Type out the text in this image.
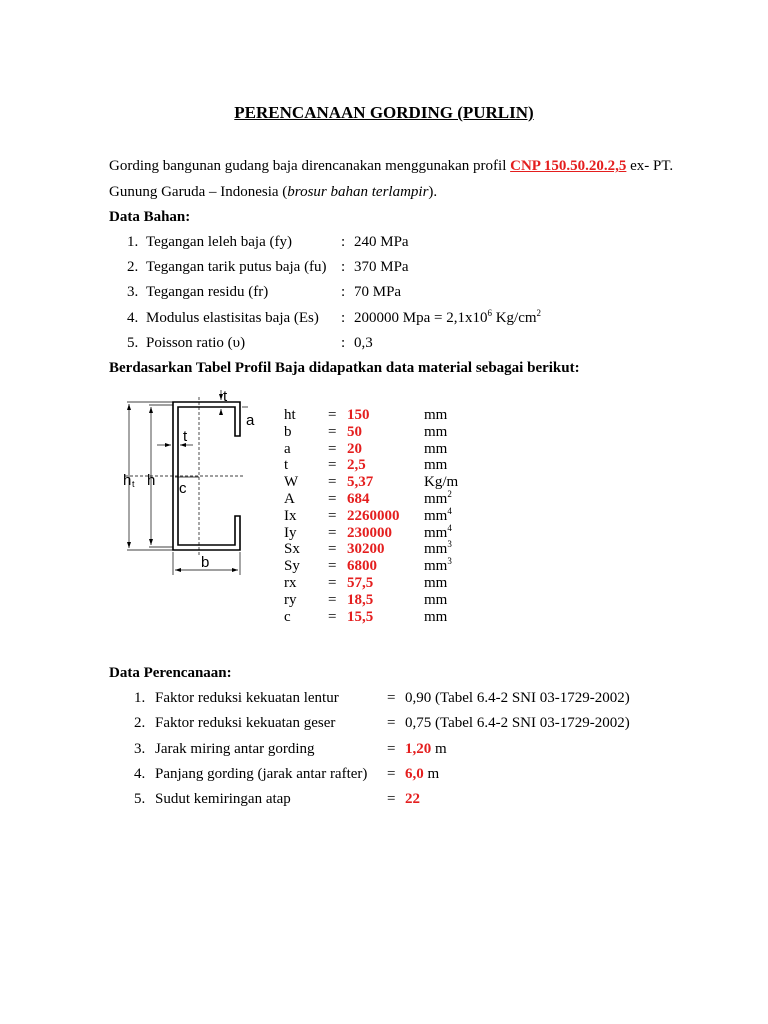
PERENCANAAN GORDING (PURLIN)
Gording bangunan gudang baja direncanakan menggunakan profil CNP 150.50.20.2,5 ex- PT.
Gunung Garuda – Indonesia (brosur bahan terlampir).
Data Bahan:
1. Tegangan leleh baja (fy)	: 240 MPa
2. Tegangan tarik putus baja (fu) : 370 MPa
3. Tegangan residu (fr)	: 70 MPa
4. Modulus elastisitas baja (Es) : 200000 Mpa = $2,1x10^6$ $Kg/cm^2$
5. Poisson ratio (υ)	: 0,3
Berdasarkan Tabel Profil Baja didapatkan data material sebagai berikut:
t
a
t
h t h c
b
ht = 150	mm
b = 50	mm
a = 20	mm
t	= 2,5	mm
W = 5,37	Kg/m
A = 684	$mm^2$
Ix = 2260000 $mm^4$
Iy = 230000 $mm^4$
Sx = 30200	$mm^3$
Sy = 6800	$mm^3$
rx = 57,5	mm
ry = 18,5	mm
c = 15,5	mm
Data Perencanaan:
1. Faktor reduksi kekuatan lentur	= 0,90 (Tabel 6.4-2 SNI 03-1729-2002)
2. Faktor reduksi kekuatan geser	= 0,75 (Tabel 6.4-2 SNI 03-1729-2002)
3. Jarak miring antar gording	= 1,20 m
4. Panjang gording (jarak antar rafter) = 6,0 m
5. Sudut kemiringan atap	= 22
